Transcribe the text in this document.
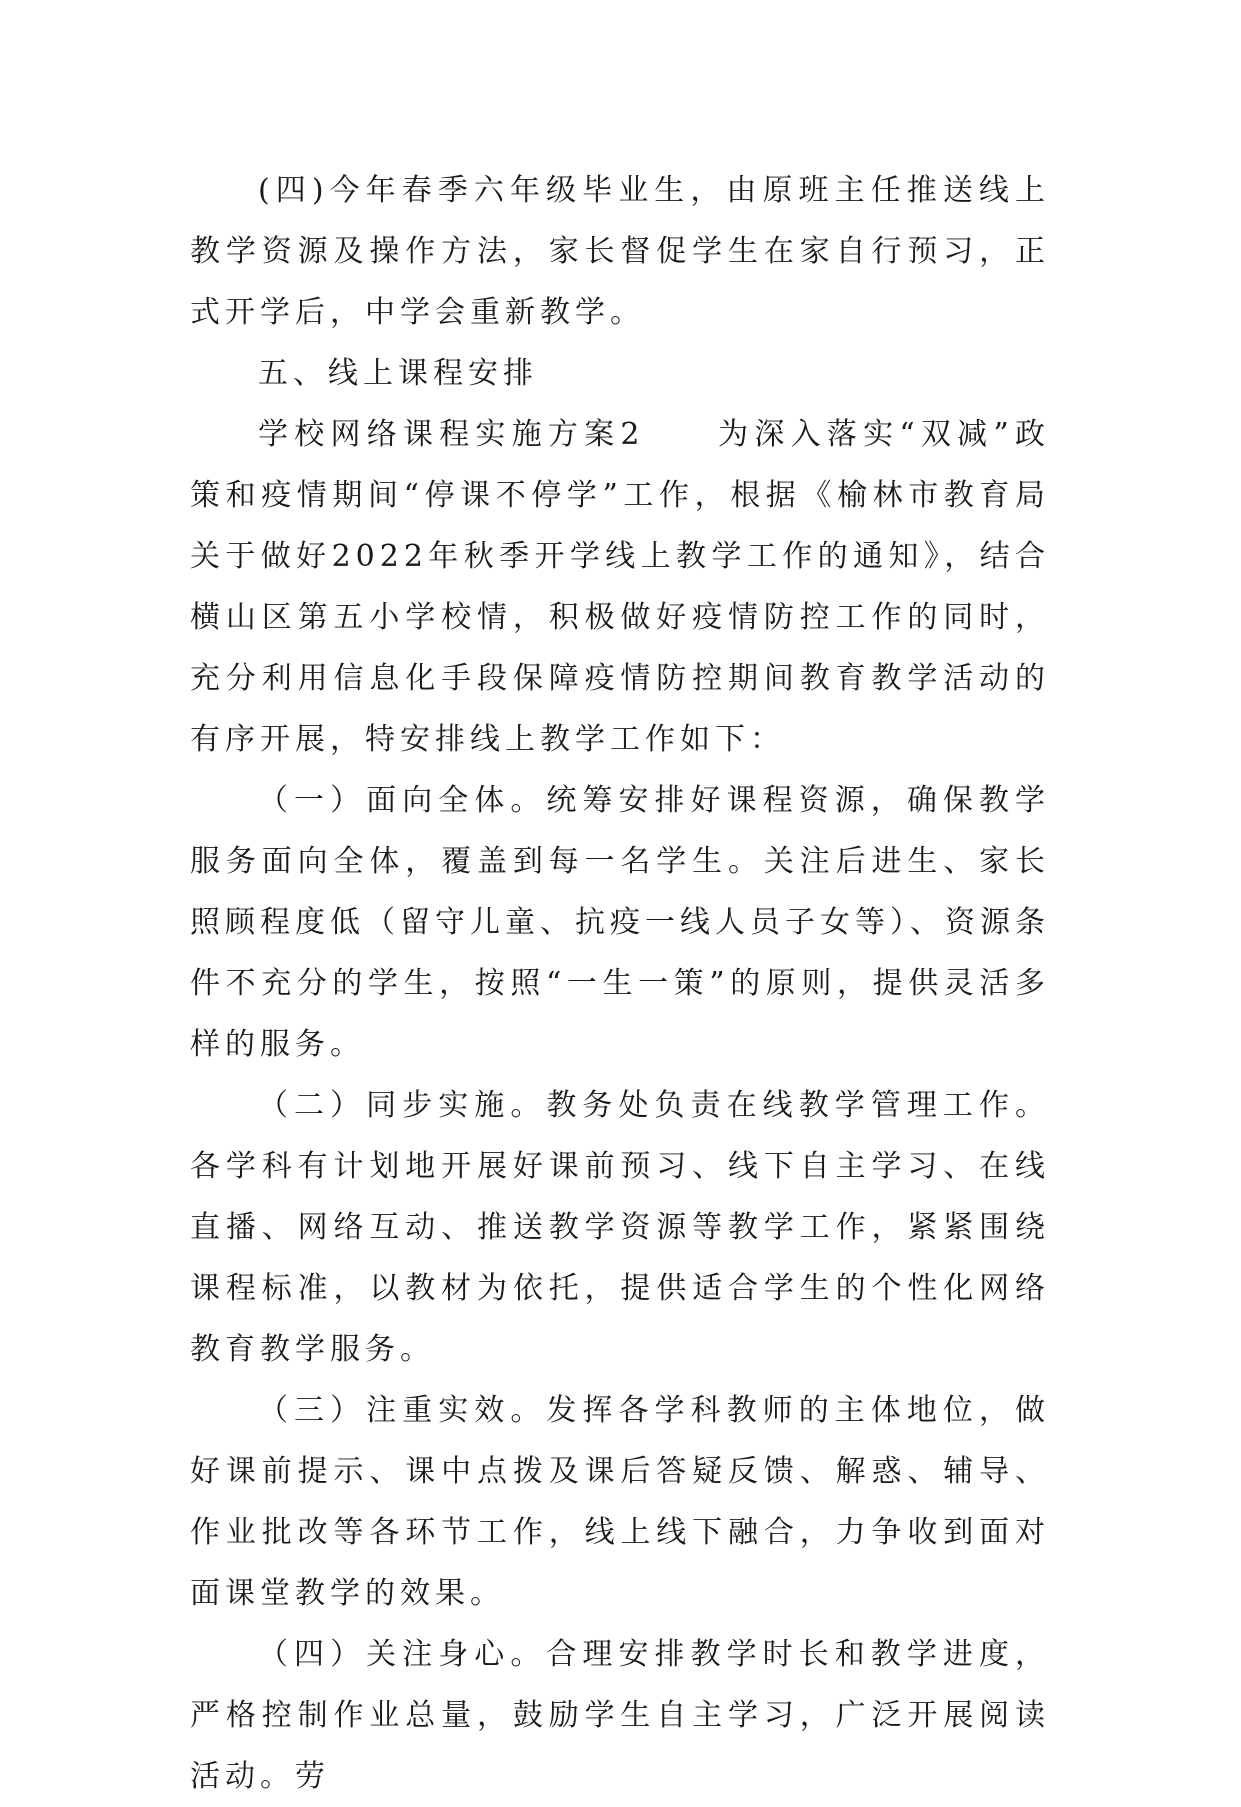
(四)今年春季六年级毕业生，由原班主任推送线上教学资源及操作方法，家长督促学生在家自行预习，正式开学后，中学会重新教学。

五、线上课程安排

学校网络课程实施方案2　　为深入落实“双减”政策和疫情期间“停课不停学”工作，根据《榆林市教育局关于做好2022年秋季开学线上教学工作的通知》，结合横山区第五小学校情，积极做好疫情防控工作的同时，充分利用信息化手段保障疫情防控期间教育教学活动的有序开展，特安排线上教学工作如下：

（一）面向全体。统筹安排好课程资源，确保教学服务面向全体，覆盖到每一名学生。关注后进生、家长照顾程度低（留守儿童、抗疫一线人员子女等）、资源条件不充分的学生，按照“一生一策”的原则，提供灵活多样的服务。

（二）同步实施。教务处负责在线教学管理工作。各学科有计划地开展好课前预习、线下自主学习、在线直播、网络互动、推送教学资源等教学工作，紧紧围绕课程标准，以教材为依托，提供适合学生的个性化网络教育教学服务。

（三）注重实效。发挥各学科教师的主体地位，做好课前提示、课中点拨及课后答疑反馈、解惑、辅导、作业批改等各环节工作，线上线下融合，力争收到面对面课堂教学的效果。

（四）关注身心。合理安排教学时长和教学进度，严格控制作业总量，鼓励学生自主学习，广泛开展阅读活动。劳
